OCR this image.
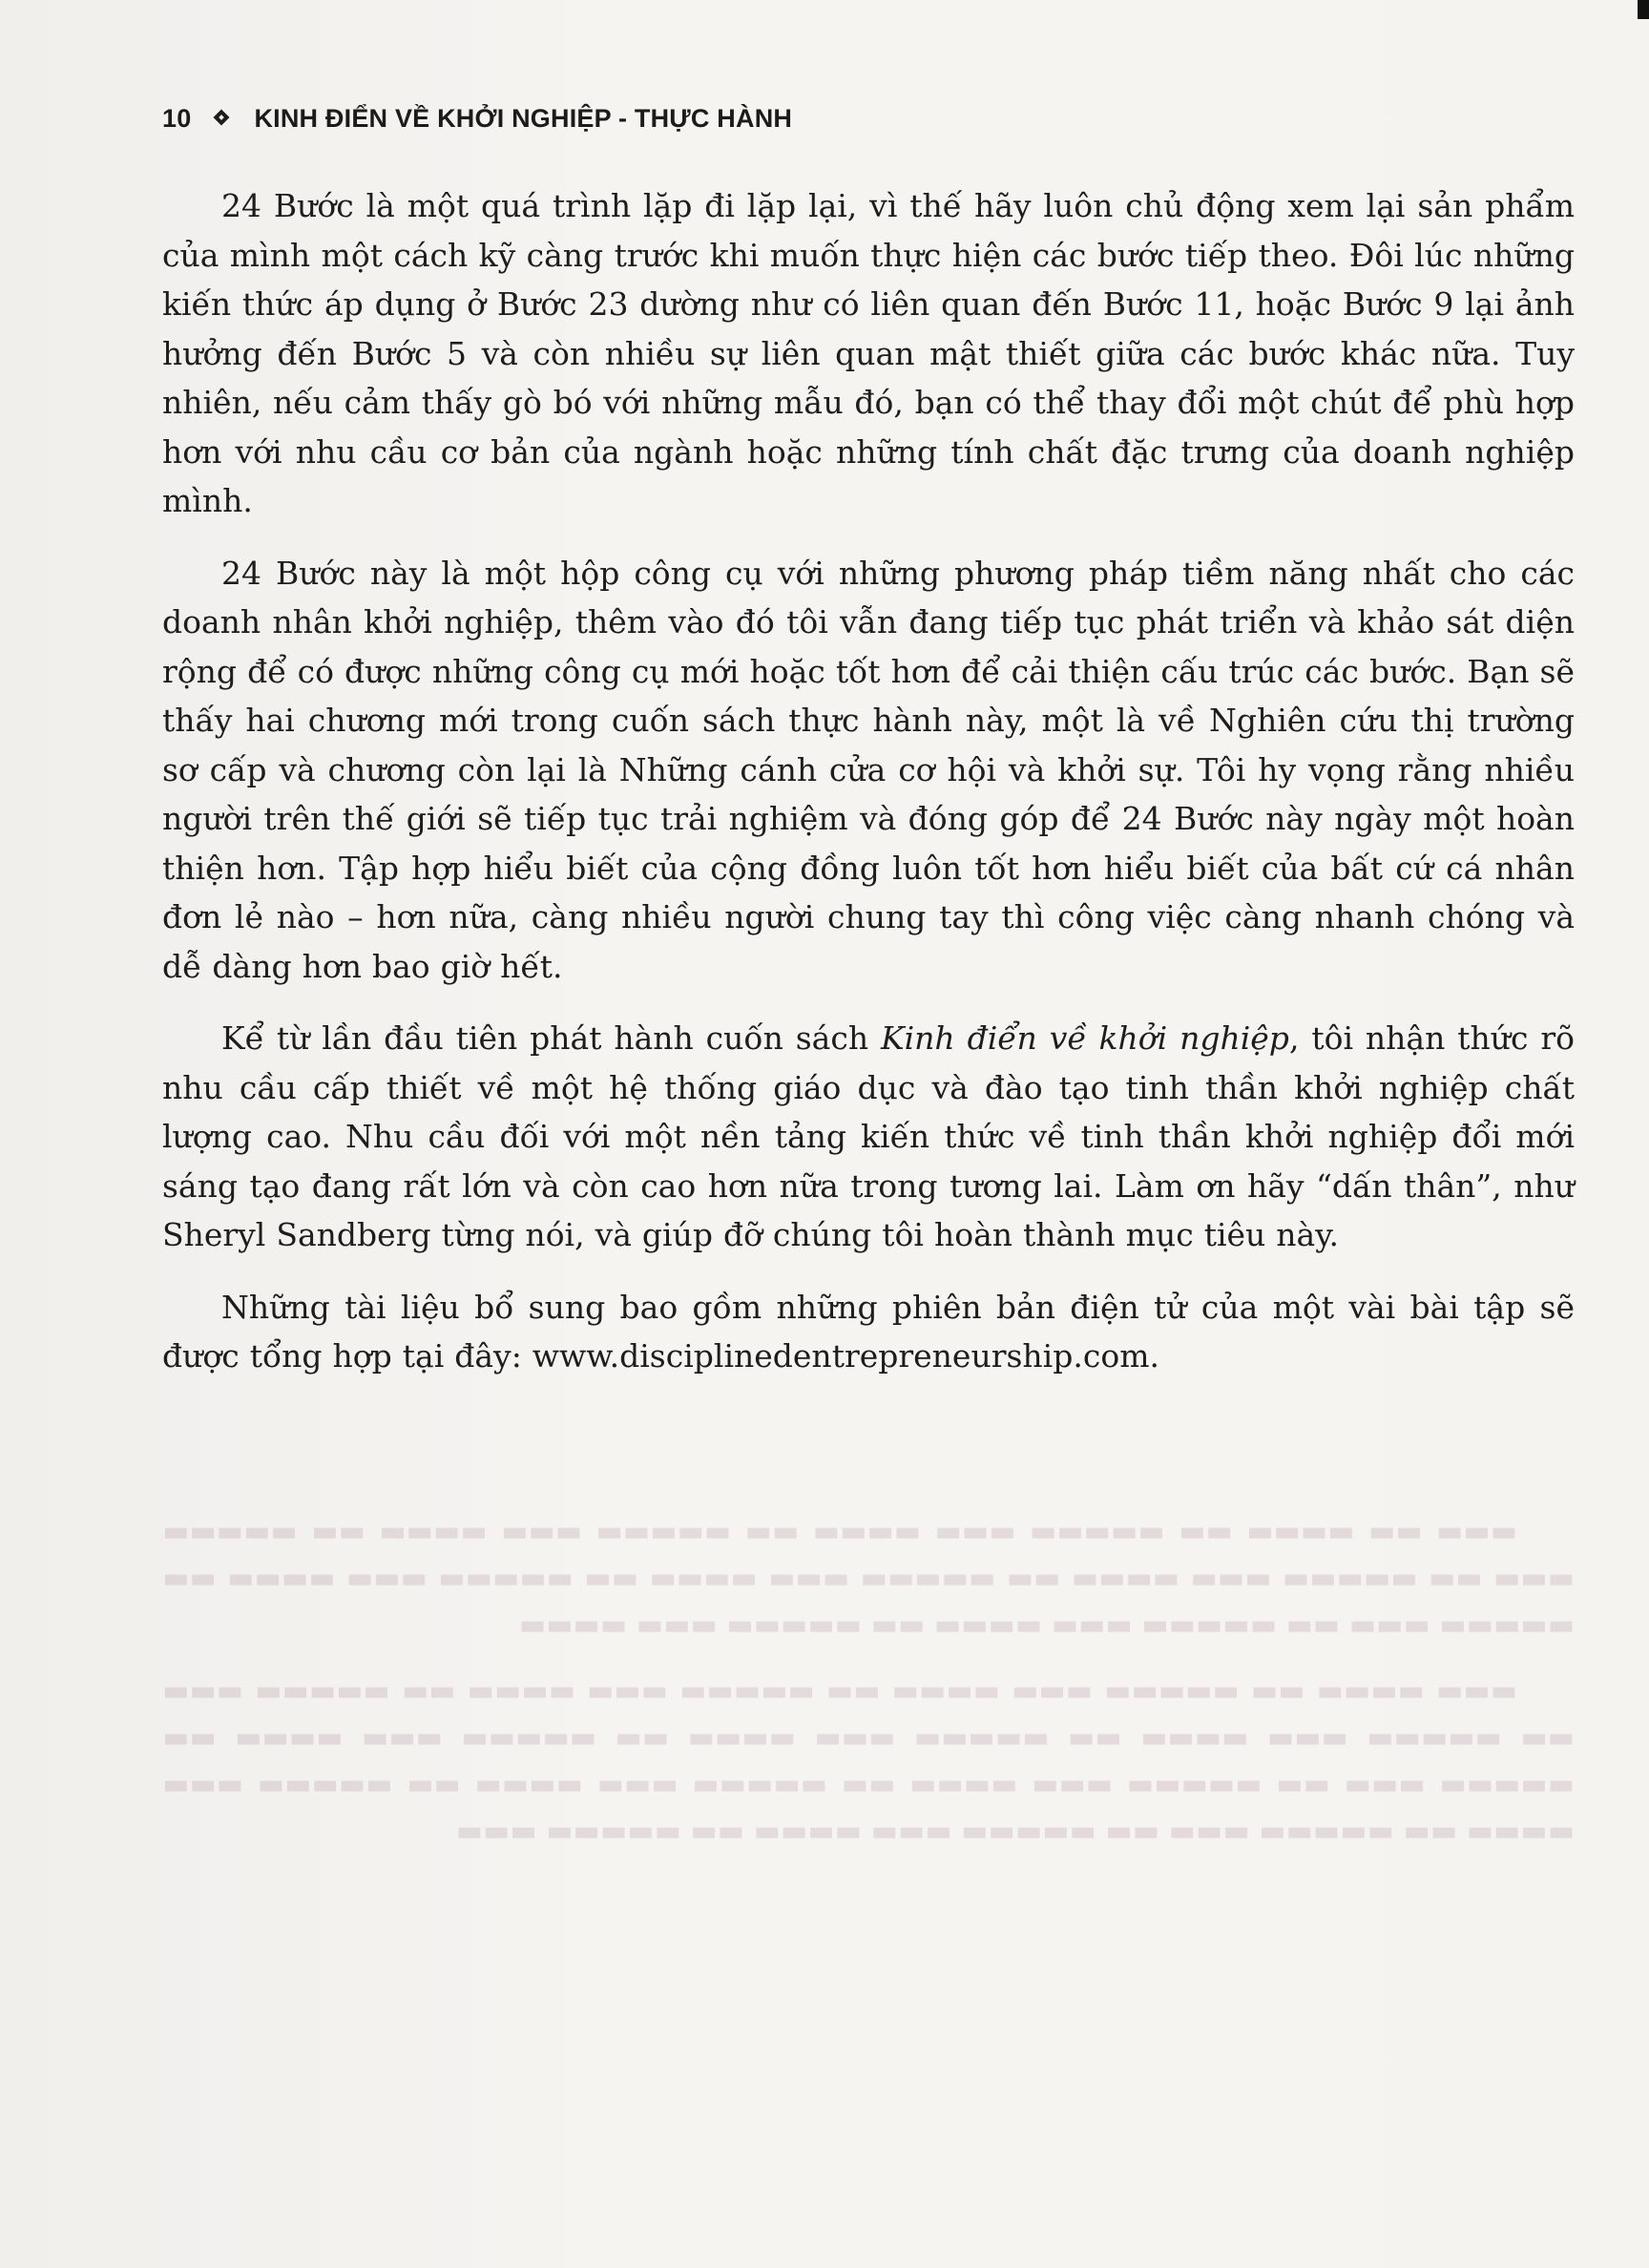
10 KINH ĐIỂN VỀ KHỞI NGHIỆP - THỰC HÀNH

24 Bước là một quá trình lặp đi lặp lại, vì thế hãy luôn chủ động xem lại sản phẩm của mình một cách kỹ càng trước khi muốn thực hiện các bước tiếp theo. Đôi lúc những kiến thức áp dụng ở Bước 23 dường như có liên quan đến Bước 11, hoặc Bước 9 lại ảnh hưởng đến Bước 5 và còn nhiều sự liên quan mật thiết giữa các bước khác nữa. Tuy nhiên, nếu cảm thấy gò bó với những mẫu đó, bạn có thể thay đổi một chút để phù hợp hơn với nhu cầu cơ bản của ngành hoặc những tính chất đặc trưng của doanh nghiệp mình.

24 Bước này là một hộp công cụ với những phương pháp tiềm năng nhất cho các doanh nhân khởi nghiệp, thêm vào đó tôi vẫn đang tiếp tục phát triển và khảo sát diện rộng để có được những công cụ mới hoặc tốt hơn để cải thiện cấu trúc các bước. Bạn sẽ thấy hai chương mới trong cuốn sách thực hành này, một là về Nghiên cứu thị trường sơ cấp và chương còn lại là Những cánh cửa cơ hội và khởi sự. Tôi hy vọng rằng nhiều người trên thế giới sẽ tiếp tục trải nghiệm và đóng góp để 24 Bước này ngày một hoàn thiện hơn. Tập hợp hiểu biết của cộng đồng luôn tốt hơn hiểu biết của bất cứ cá nhân đơn lẻ nào – hơn nữa, càng nhiều người chung tay thì công việc càng nhanh chóng và dễ dàng hơn bao giờ hết.

Kể từ lần đầu tiên phát hành cuốn sách Kinh điển về khởi nghiệp, tôi nhận thức rõ nhu cầu cấp thiết về một hệ thống giáo dục và đào tạo tinh thần khởi nghiệp chất lượng cao. Nhu cầu đối với một nền tảng kiến thức về tinh thần khởi nghiệp đổi mới sáng tạo đang rất lớn và còn cao hơn nữa trong tương lai. Làm ơn hãy “dấn thân”, như Sheryl Sandberg từng nói, và giúp đỡ chúng tôi hoàn thành mục tiêu này.

Những tài liệu bổ sung bao gồm những phiên bản điện tử của một vài bài tập sẽ được tổng hợp tại đây: www.disciplinedentrepreneurship.com.

▬▬▬ ▬▬ ▬▬▬▬ ▬▬ ▬▬▬▬▬ ▬▬▬ ▬▬▬▬ ▬▬ ▬▬▬▬▬ ▬▬▬ ▬▬▬▬ ▬▬ ▬▬▬▬▬ ▬▬▬ ▬▬ ▬▬▬▬▬ ▬▬▬ ▬▬▬▬ ▬▬ ▬▬▬▬▬ ▬▬▬ ▬▬▬▬ ▬▬ ▬▬▬▬▬ ▬▬▬ ▬▬▬▬ ▬▬ ▬▬▬▬▬ ▬▬▬ ▬▬ ▬▬▬▬▬ ▬▬▬ ▬▬▬▬ ▬▬ ▬▬▬▬▬ ▬▬▬ ▬▬▬▬

▬▬▬ ▬▬▬▬ ▬▬ ▬▬▬▬▬ ▬▬▬ ▬▬▬▬ ▬▬ ▬▬▬▬▬ ▬▬▬ ▬▬▬▬ ▬▬ ▬▬▬▬▬ ▬▬▬ ▬▬ ▬▬▬▬▬ ▬▬▬ ▬▬▬▬ ▬▬ ▬▬▬▬▬ ▬▬▬ ▬▬▬▬ ▬▬ ▬▬▬▬▬ ▬▬▬ ▬▬▬▬ ▬▬ ▬▬▬▬▬ ▬▬▬ ▬▬ ▬▬▬▬▬ ▬▬▬ ▬▬▬▬ ▬▬ ▬▬▬▬▬ ▬▬▬ ▬▬▬▬ ▬▬ ▬▬▬▬▬ ▬▬▬ ▬▬▬▬ ▬▬ ▬▬▬▬▬ ▬▬▬ ▬▬ ▬▬▬▬▬ ▬▬▬ ▬▬▬▬ ▬▬ ▬▬▬▬▬ ▬▬▬
